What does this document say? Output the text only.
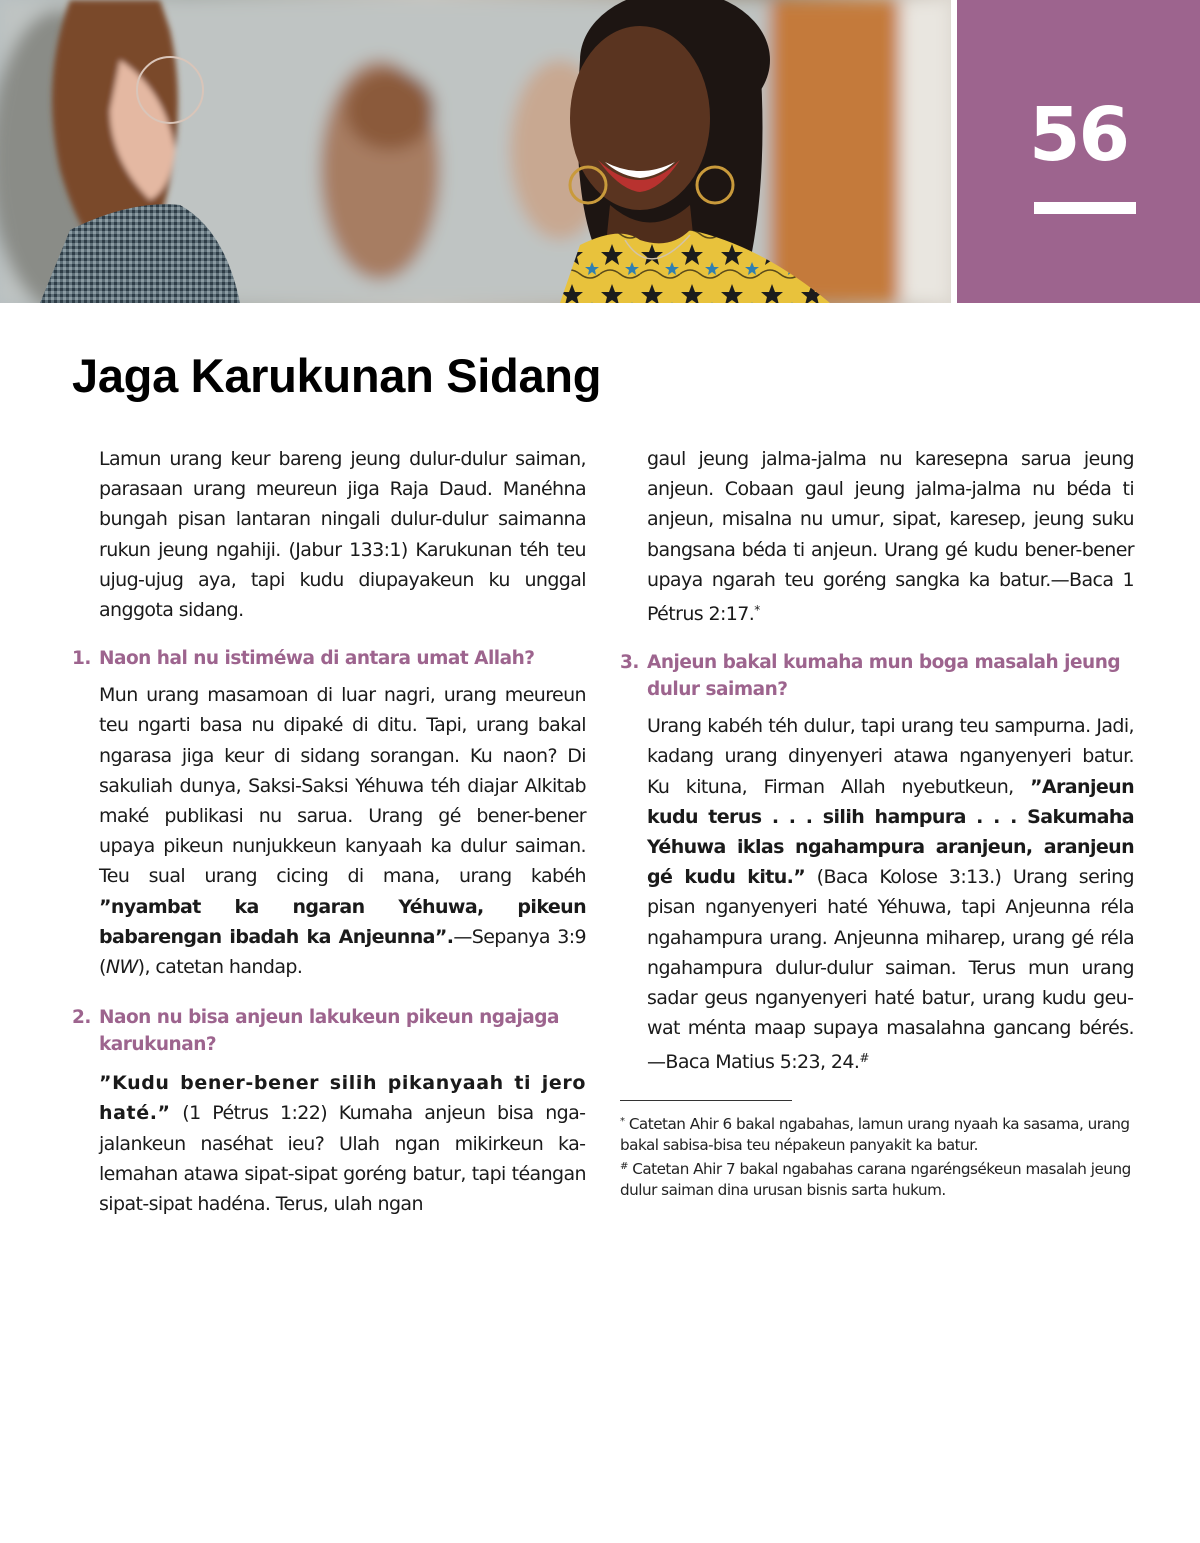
56
Jaga Karukunan Sidang

Lamun urang keur bareng jeung dulur-dulur saiman, parasaan urang meureun jiga Raja Daud. Manéhna bungah pisan lantaran ningali dulur-dulur saimanna rukun jeung ngahiji. (Jabur 133:1) Karukunan téh teu ujug-ujug aya, tapi kudu diupayakeun ku unggal anggota sidang.

1. Naon hal nu istiméwa di antara umat Allah?

Mun urang masamoan di luar nagri, urang meureun teu ngarti basa nu dipaké di ditu. Tapi, urang bakal ngarasa jiga keur di sidang sorangan. Ku naon? Di sakuliah dunya, Saksi-Saksi Yéhuwa téh diajar Alkitab maké publikasi nu sarua. Urang gé bener-bener upaya pikeun nunjukkeun kanyaah ka dulur saiman. Teu sual urang cicing di mana, urang kabéh ”nyambat ka ngaran Yéhuwa, pikeun babarengan ibadah ka Anjeunna”.—Sepanya 3:9 (NW), catetan handap.

2. Naon nu bisa anjeun lakukeun pikeun ngajaga karukunan?

”Kudu bener-bener silih pikanyaah ti jero haté.” (1 Pétrus 1:22) Kumaha anjeun bisa ngajalankeun naséhat ieu? Ulah ngan mikirkeun kalemahan atawa sipat-sipat goréng batur, tapi téangan sipat-sipat hadéna. Terus, ulah ngan

gaul jeung jalma-jalma nu karesepna sarua jeung anjeun. Cobaan gaul jeung jalma-jalma nu béda ti anjeun, misalna nu umur, sipat, karesep, jeung suku bangsana béda ti anjeun. Urang gé kudu bener-bener upaya ngarah teu goréng sangka ka batur.—Baca 1 Pétrus 2:17.*

3. Anjeun bakal kumaha mun boga masalah jeung dulur saiman?

Urang kabéh téh dulur, tapi urang teu sampurna. Jadi, kadang urang dinyenyeri atawa nganyenyeri batur. Ku kituna, Firman Allah nyebutkeun, ”Aranjeun kudu terus . . . silih hampura . . . Sakumaha Yéhuwa iklas ngahampura aranjeun, aranjeun gé kudu kitu.” (Baca Kolose 3:13.) Urang sering pisan nganyenyeri haté Yéhuwa, tapi Anjeunna réla ngahampura urang. Anjeunna miharep, urang gé réla ngahampura dulur-dulur saiman. Terus mun urang sadar geus nganyenyeri haté batur, urang kudu geuwat ménta maap supaya masalahna gancang bérés.—Baca Matius 5:23, 24.#

* Catetan Ahir 6 bakal ngabahas, lamun urang nyaah ka sasama, urang bakal sabisa-bisa teu népakeun panyakit ka batur.

# Catetan Ahir 7 bakal ngabahas carana ngaréngsékeun masalah jeung dulur saiman dina urusan bisnis sarta hukum.
